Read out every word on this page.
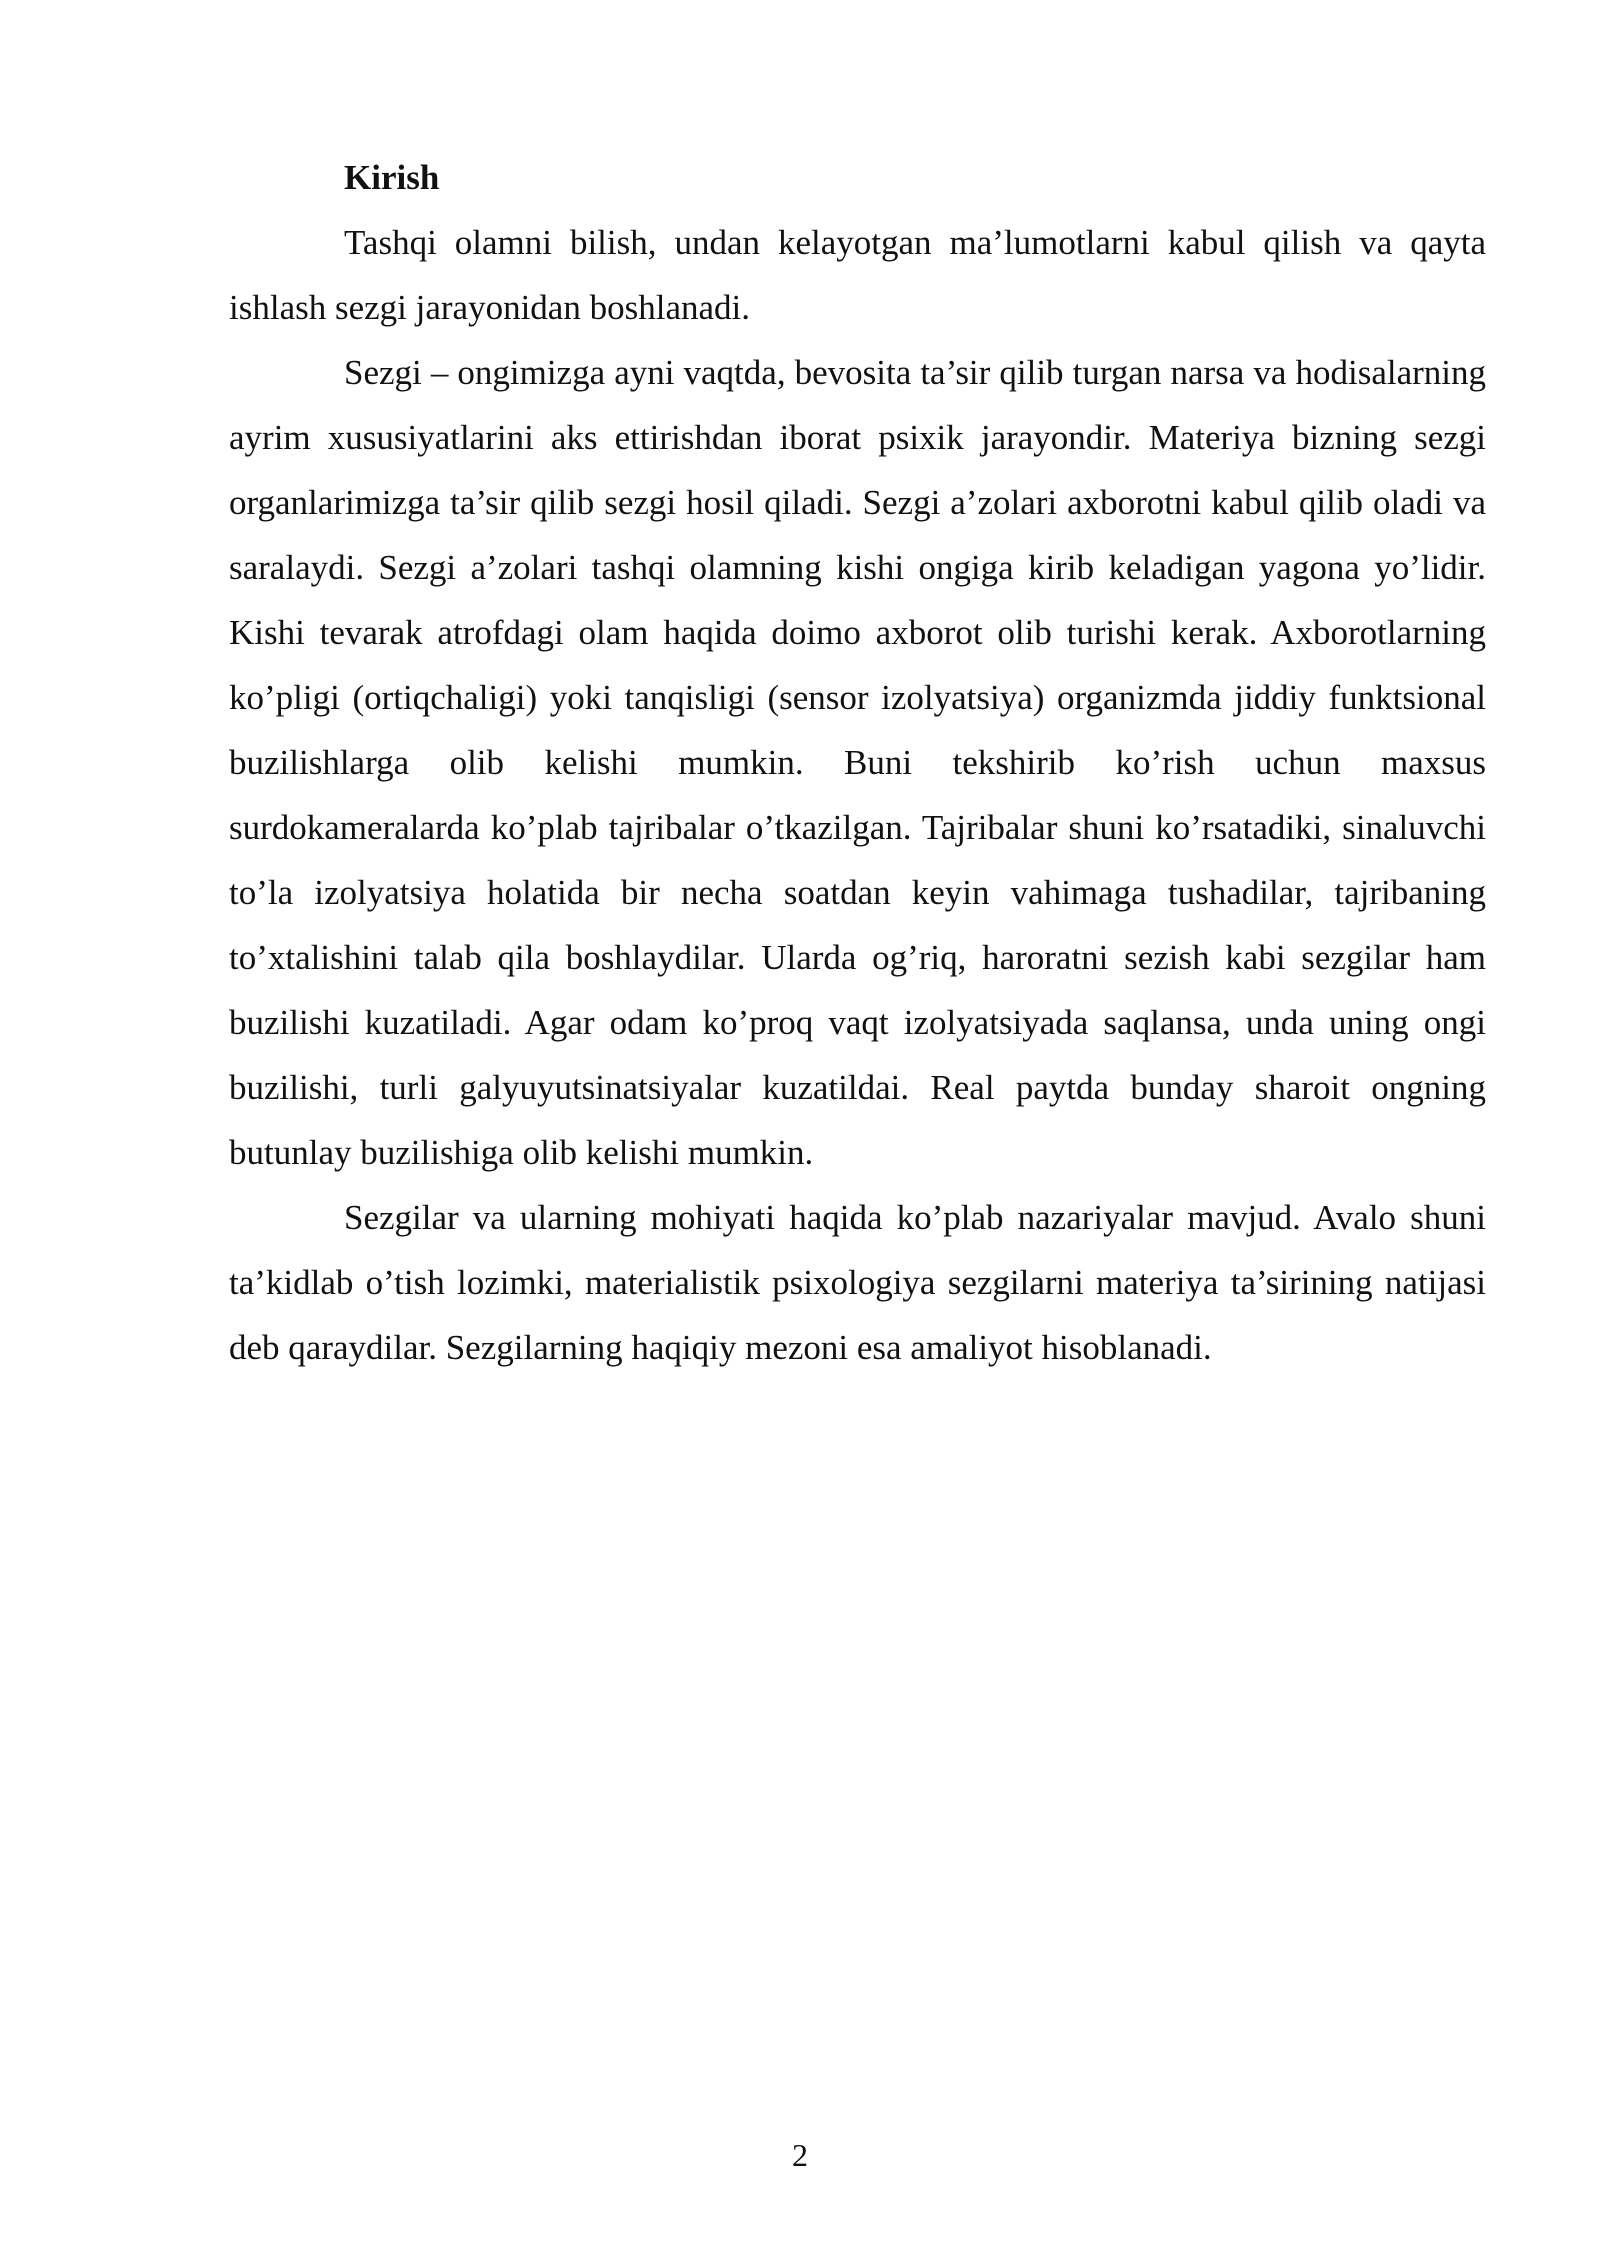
Kirish

Tashqi olamni bilish, undan kelayotgan ma’lumotlarni kabul qilish va qayta ishlash sezgi jarayonidan boshlanadi.

Sezgi – ongimizga ayni vaqtda, bevosita ta’sir qilib turgan narsa va hodisalarning ayrim xususiyatlarini aks ettirishdan iborat psixik jarayondir. Materiya bizning sezgi organlarimizga ta’sir qilib sezgi hosil qiladi. Sezgi a’zolari axborotni kabul qilib oladi va saralaydi. Sezgi a’zolari tashqi olamning kishi ongiga kirib keladigan yagona yo’lidir. Kishi tevarak atrofdagi olam haqida doimo axborot olib turishi kerak. Axborotlarning ko’pligi (ortiqchaligi) yoki tanqisligi (sensor izolyatsiya) organizmda jiddiy funktsional buzilishlarga olib kelishi mumkin. Buni tekshirib ko’rish uchun maxsus surdokameralarda ko’plab tajribalar o’tkazilgan. Tajribalar shuni ko’rsatadiki, sinaluvchi to’la izolyatsiya holatida bir necha soatdan keyin vahimaga tushadilar, tajribaning to’xtalishini talab qila boshlaydilar. Ularda og’riq, haroratni sezish kabi sezgilar ham buzilishi kuzatiladi. Agar odam ko’proq vaqt izolyatsiyada saqlansa, unda uning ongi buzilishi, turli galyuyutsinatsiyalar kuzatildai. Real paytda bunday sharoit ongning butunlay buzilishiga olib kelishi mumkin.

Sezgilar va ularning mohiyati haqida ko’plab nazariyalar mavjud. Avalo shuni ta’kidlab o’tish lozimki, materialistik psixologiya sezgilarni materiya ta’sirining natijasi deb qaraydilar. Sezgilarning haqiqiy mezoni esa amaliyot hisoblanadi.

2
